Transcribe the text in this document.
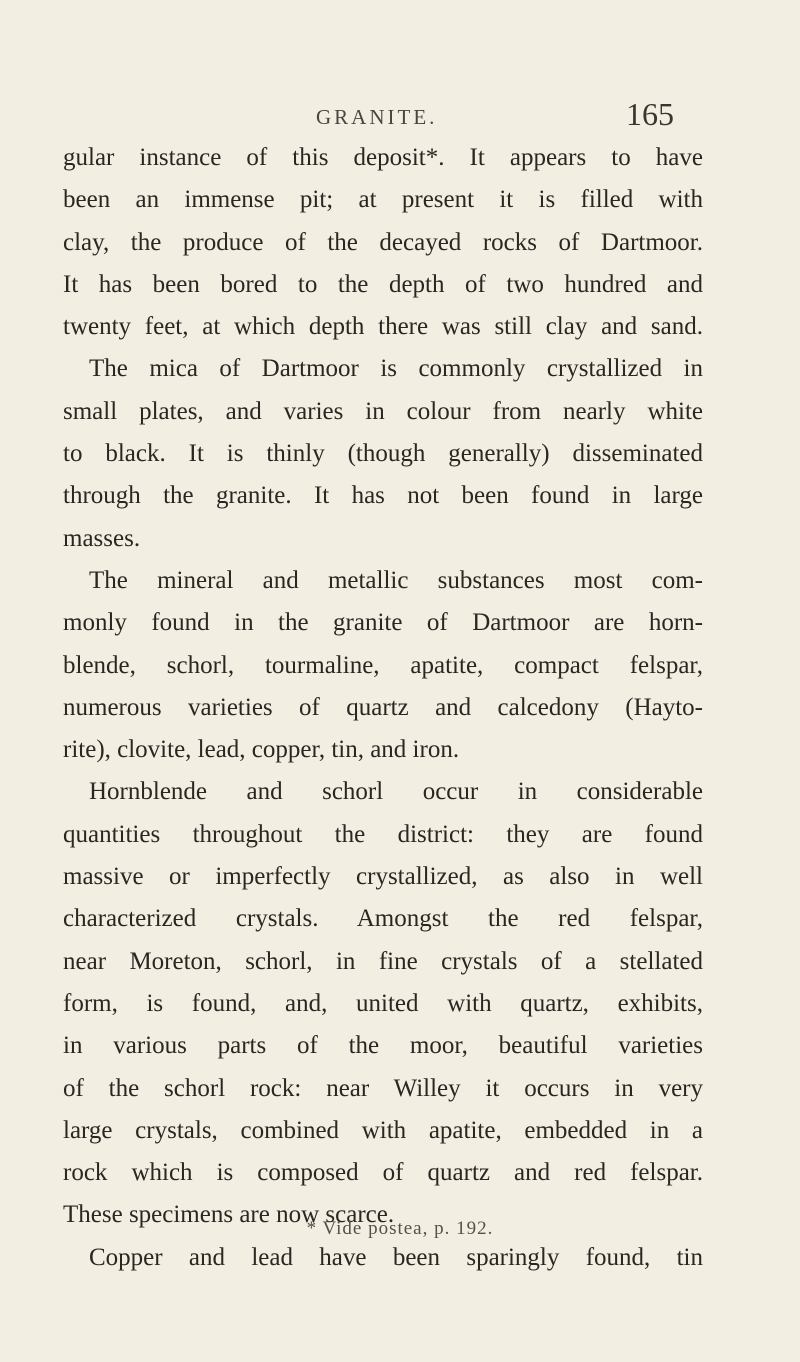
GRANITE.	165
gular instance of this deposit*. It appears to have
been an immense pit; at present it is filled with
clay, the produce of the decayed rocks of Dartmoor.
It has been bored to the depth of two hundred and
twenty feet, at which depth there was still clay and sand.
The mica of Dartmoor is commonly crystallized in
small plates, and varies in colour from nearly white
to black. It is thinly (though generally) disseminated
through the granite. It has not been found in large
masses.
The mineral and metallic substances most com-
monly found in the granite of Dartmoor are horn-
blende, schorl, tourmaline, apatite, compact felspar,
numerous varieties of quartz and calcedony (Hayto-
rite), clovite, lead, copper, tin, and iron.
Hornblende and schorl occur in considerable
quantities throughout the district: they are found
massive or imperfectly crystallized, as also in well
characterized crystals. Amongst the red felspar,
near Moreton, schorl, in fine crystals of a stellated
form, is found, and, united with quartz, exhibits,
in various parts of the moor, beautiful varieties
of the schorl rock: near Willey it occurs in very
large crystals, combined with apatite, embedded in a
rock which is composed of quartz and red felspar.
These specimens are now scarce.
Copper and lead have been sparingly found, tin
* Vide postea, p. 192.
